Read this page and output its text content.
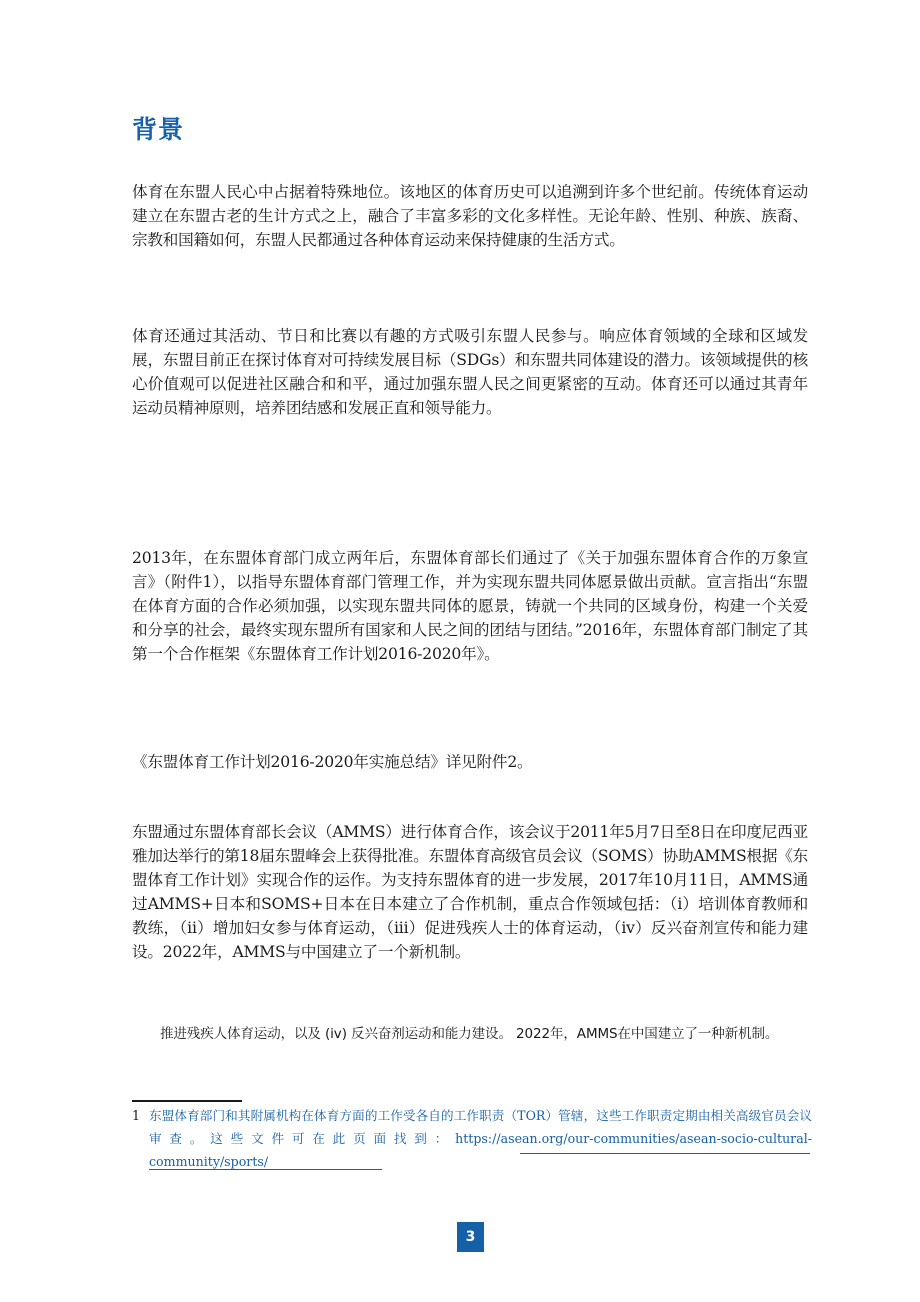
背景

体育在东盟人民心中占据着特殊地位。该地区的体育历史可以追溯到许多个世纪前。传统体育运动建立在东盟古老的生计方式之上，融合了丰富多彩的文化多样性。无论年龄、性别、种族、族裔、宗教和国籍如何，东盟人民都通过各种体育运动来保持健康的生活方式。

体育还通过其活动、节日和比赛以有趣的方式吸引东盟人民参与。响应体育领域的全球和区域发展，东盟目前正在探讨体育对可持续发展目标（SDGs）和东盟共同体建设的潜力。该领域提供的核心价值观可以促进社区融合和和平，通过加强东盟人民之间更紧密的互动。体育还可以通过其青年运动员精神原则，培养团结感和发展正直和领导能力。

2013年，在东盟体育部门成立两年后，东盟体育部长们通过了《关于加强东盟体育合作的万象宣言》（附件1），以指导东盟体育部门管理工作，并为实现东盟共同体愿景做出贡献。宣言指出“东盟在体育方面的合作必须加强，以实现东盟共同体的愿景，铸就一个共同的区域身份，构建一个关爱和分享的社会，最终实现东盟所有国家和人民之间的团结与团结。”2016年，东盟体育部门制定了其第一个合作框架《东盟体育工作计划2016-2020年》。

《东盟体育工作计划2016-2020年实施总结》详见附件2。

东盟通过东盟体育部长会议（AMMS）进行体育合作，该会议于2011年5月7日至8日在印度尼西亚雅加达举行的第18届东盟峰会上获得批准。东盟体育高级官员会议（SOMS）协助AMMS根据《东盟体育工作计划》实现合作的运作。为支持东盟体育的进一步发展，2017年10月11日，AMMS通过AMMS+日本和SOMS+日本在日本建立了合作机制，重点合作领域包括：（i）培训体育教师和教练，（ii）增加妇女参与体育运动，（iii）促进残疾人士的体育运动，（iv）反兴奋剂宣传和能力建设。2022年，AMMS与中国建立了一个新机制。

推进残疾人体育运动，以及 (iv) 反兴奋剂运动和能力建设。 2022年，AMMS在中国建立了一种新机制。

1 东盟体育部门和其附属机构在体育方面的工作受各自的工作职责（TOR）管辖，这些工作职责定期由相关高级官员会议审查。这些文件可在此页面找到：https://asean.org/our-communities/asean-socio-cultural-community/sports/
3
